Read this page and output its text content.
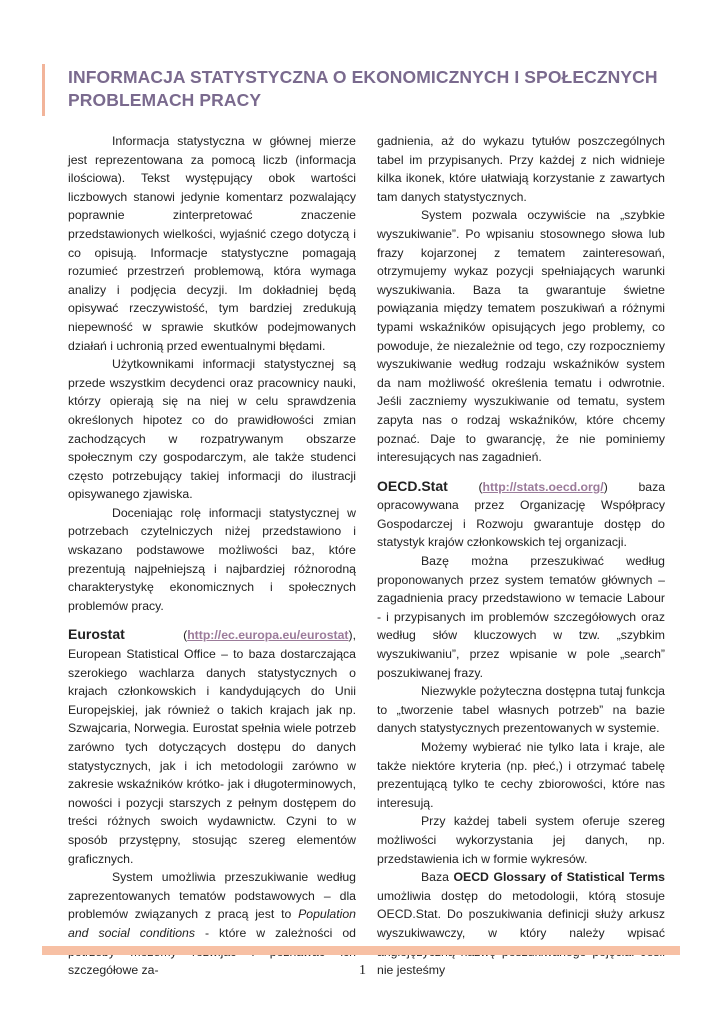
INFORMACJA STATYSTYCZNA O EKONOMICZNYCH I SPOŁECZNYCH PROBLEMACH PRACY

Informacja statystyczna w głównej mierze jest reprezentowana za pomocą liczb (informacja ilościowa). Tekst występujący obok wartości liczbowych stanowi jedynie komentarz pozwalający poprawnie zinterpretować znaczenie przedstawionych wielkości, wyjaśnić czego dotyczą i co opisują. Informacje statystyczne pomagają rozumieć przestrzeń problemową, która wymaga analizy i podjęcia decyzji. Im dokładniej będą opisywać rzeczywistość, tym bardziej zredukują niepewność w sprawie skutków podejmowanych działań i uchronią przed ewentualnymi błędami.

Użytkownikami informacji statystycznej są przede wszystkim decydenci oraz pracownicy nauki, którzy opierają się na niej w celu sprawdzenia określonych hipotez co do prawidłowości zmian zachodzących w rozpatrywanym obszarze społecznym czy gospodarczym, ale także studenci często potrzebujący takiej informacji do ilustracji opisywanego zjawiska.

Doceniając rolę informacji statystycznej w potrzebach czytelniczych niżej przedstawiono i wskazano podstawowe możliwości baz, które prezentują najpełniejszą i najbardziej różnorodną charakterystykę ekonomicznych i społecznych problemów pracy.

Eurostat (http://ec.europa.eu/eurostat), European Statistical Office – to baza dostarczająca szerokiego wachlarza danych statystycznych o krajach członkowskich i kandydujących do Unii Europejskiej, jak również o takich krajach jak np. Szwajcaria, Norwegia. Eurostat spełnia wiele potrzeb zarówno tych dotyczących dostępu do danych statystycznych, jak i ich metodologii zarówno w zakresie wskaźników krótko- jak i długoterminowych, nowości i pozycji starszych z pełnym dostępem do treści różnych swoich wydawnictw. Czyni to w sposób przystępny, stosując szereg elementów graficznych.

System umożliwia przeszukiwanie według zaprezentowanych tematów podstawowych – dla problemów związanych z pracą jest to Population and social conditions - które w zależności od szczegółowe za-

gadnienia, aż do wykazu tytułów poszczególnych tabel im przypisanych. Przy każdej z nich widnieje kilka ikonek, które ułatwiają korzystanie z zawartych tam danych statystycznych.

System pozwala oczywiście na „szybkie wyszukiwanie”. Po wpisaniu stosownego słowa lub frazy kojarzonej z tematem zainteresowań, otrzymujemy wykaz pozycji spełniających warunki wyszukiwania. Baza ta gwarantuje świetne powiązania między tematem poszukiwań a różnymi typami wskaźników opisujących jego problemy, co powoduje, że niezależnie od tego, czy rozpoczniemy wyszukiwanie według rodzaju wskaźników system da nam możliwość określenia tematu i odwrotnie. Jeśli zaczniemy wyszukiwanie od tematu, system zapyta nas o rodzaj wskaźników, które chcemy poznać. Daje to gwarancję, że nie pominiemy interesujących nas zagadnień.

OECD.Stat (http://stats.oecd.org/) baza opracowywana przez Organizację Współpracy Gospodarczej i Rozwoju gwarantuje dostęp do statystyk krajów członkowskich tej organizacji.

Bazę można przeszukiwać według proponowanych przez system tematów głównych – zagadnienia pracy przedstawiono w temacie Labour - i przypisanych im problemów szczegółowych oraz według słów kluczowych w tzw. „szybkim wyszukiwaniu”, przez wpisanie w pole „search” poszukiwanej frazy.

Niezwykle pożyteczna dostępna tutaj funkcja to „tworzenie tabel własnych potrzeb” na bazie danych statystycznych prezentowanych w systemie.

Możemy wybierać nie tylko lata i kraje, ale także niektóre kryteria (np. płeć,) i otrzymać tabelę prezentującą tylko te cechy zbiorowości, które nas interesują.

Przy każdej tabeli system oferuje szereg możliwości wykorzystania jej danych, np. przedstawienia ich w formie wykresów.

Baza OECD Glossary of Statistical Terms umożliwia dostęp do metodologii, którą stosuje OECD.Stat. Do poszukiwania definicji służy arkusz wyszukiwawczy, w który należy wpisać nie jesteśmy

1
